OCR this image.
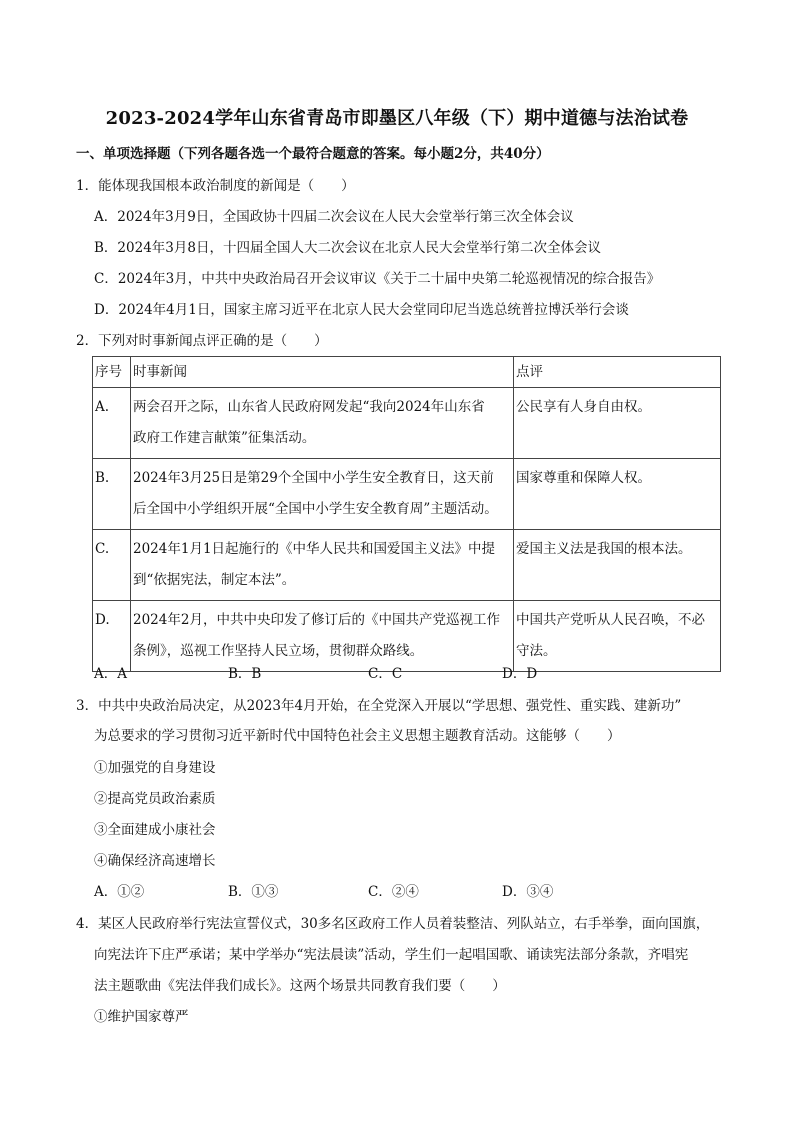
2023-2024学年山东省青岛市即墨区八年级（下）期中道德与法治试卷
一、单项选择题（下列各题各选一个最符合题意的答案。每小题2分，共40分）
1．能体现我国根本政治制度的新闻是（　　）
A．2024年3月9日，全国政协十四届二次会议在人民大会堂举行第三次全体会议
B．2024年3月8日，十四届全国人大二次会议在北京人民大会堂举行第二次全体会议
C．2024年3月，中共中央政治局召开会议审议《关于二十届中央第二轮巡视情况的综合报告》
D．2024年4月1日，国家主席习近平在北京人民大会堂同印尼当选总统普拉博沃举行会谈
2．下列对时事新闻点评正确的是（　　）
序号	时事新闻	点评
A.	两会召开之际，山东省人民政府网发起“我向2024年山东省
政府工作建言献策”征集活动。	公民享有人身自由权。

B.	2024年3月25日是第29个全国中小学生安全教育日，这天前
后全国中小学组织开展“全国中小学生安全教育周”主题活动。	国家尊重和保障人权。

C.	2024年1月1日起施行的《中华人民共和国爱国主义法》中提
到“依据宪法，制定本法”。	爱国主义法是我国的根本法。

D.	2024年2月，中共中央印发了修订后的《中国共产党巡视工作
条例》，巡视工作坚持人民立场，贯彻群众路线。	中国共产党听从人民召唤，不必
守法。
A．A	B．B	C．C	D．D
3．中共中央政治局决定，从2023年4月开始，在全党深入开展以“学思想、强党性、重实践、建新功”
为总要求的学习贯彻习近平新时代中国特色社会主义思想主题教育活动。这能够（　　）
①加强党的自身建设
②提高党员政治素质
③全面建成小康社会
④确保经济高速增长
A．①②	B．①③	C．②④	D．③④
4．某区人民政府举行宪法宣誓仪式，30多名区政府工作人员着装整洁、列队站立，右手举拳，面向国旗，
向宪法许下庄严承诺；某中学举办“宪法晨读”活动，学生们一起唱国歌、诵读宪法部分条款，齐唱宪
法主题歌曲《宪法伴我们成长》。这两个场景共同教育我们要（　　）
①维护国家尊严
